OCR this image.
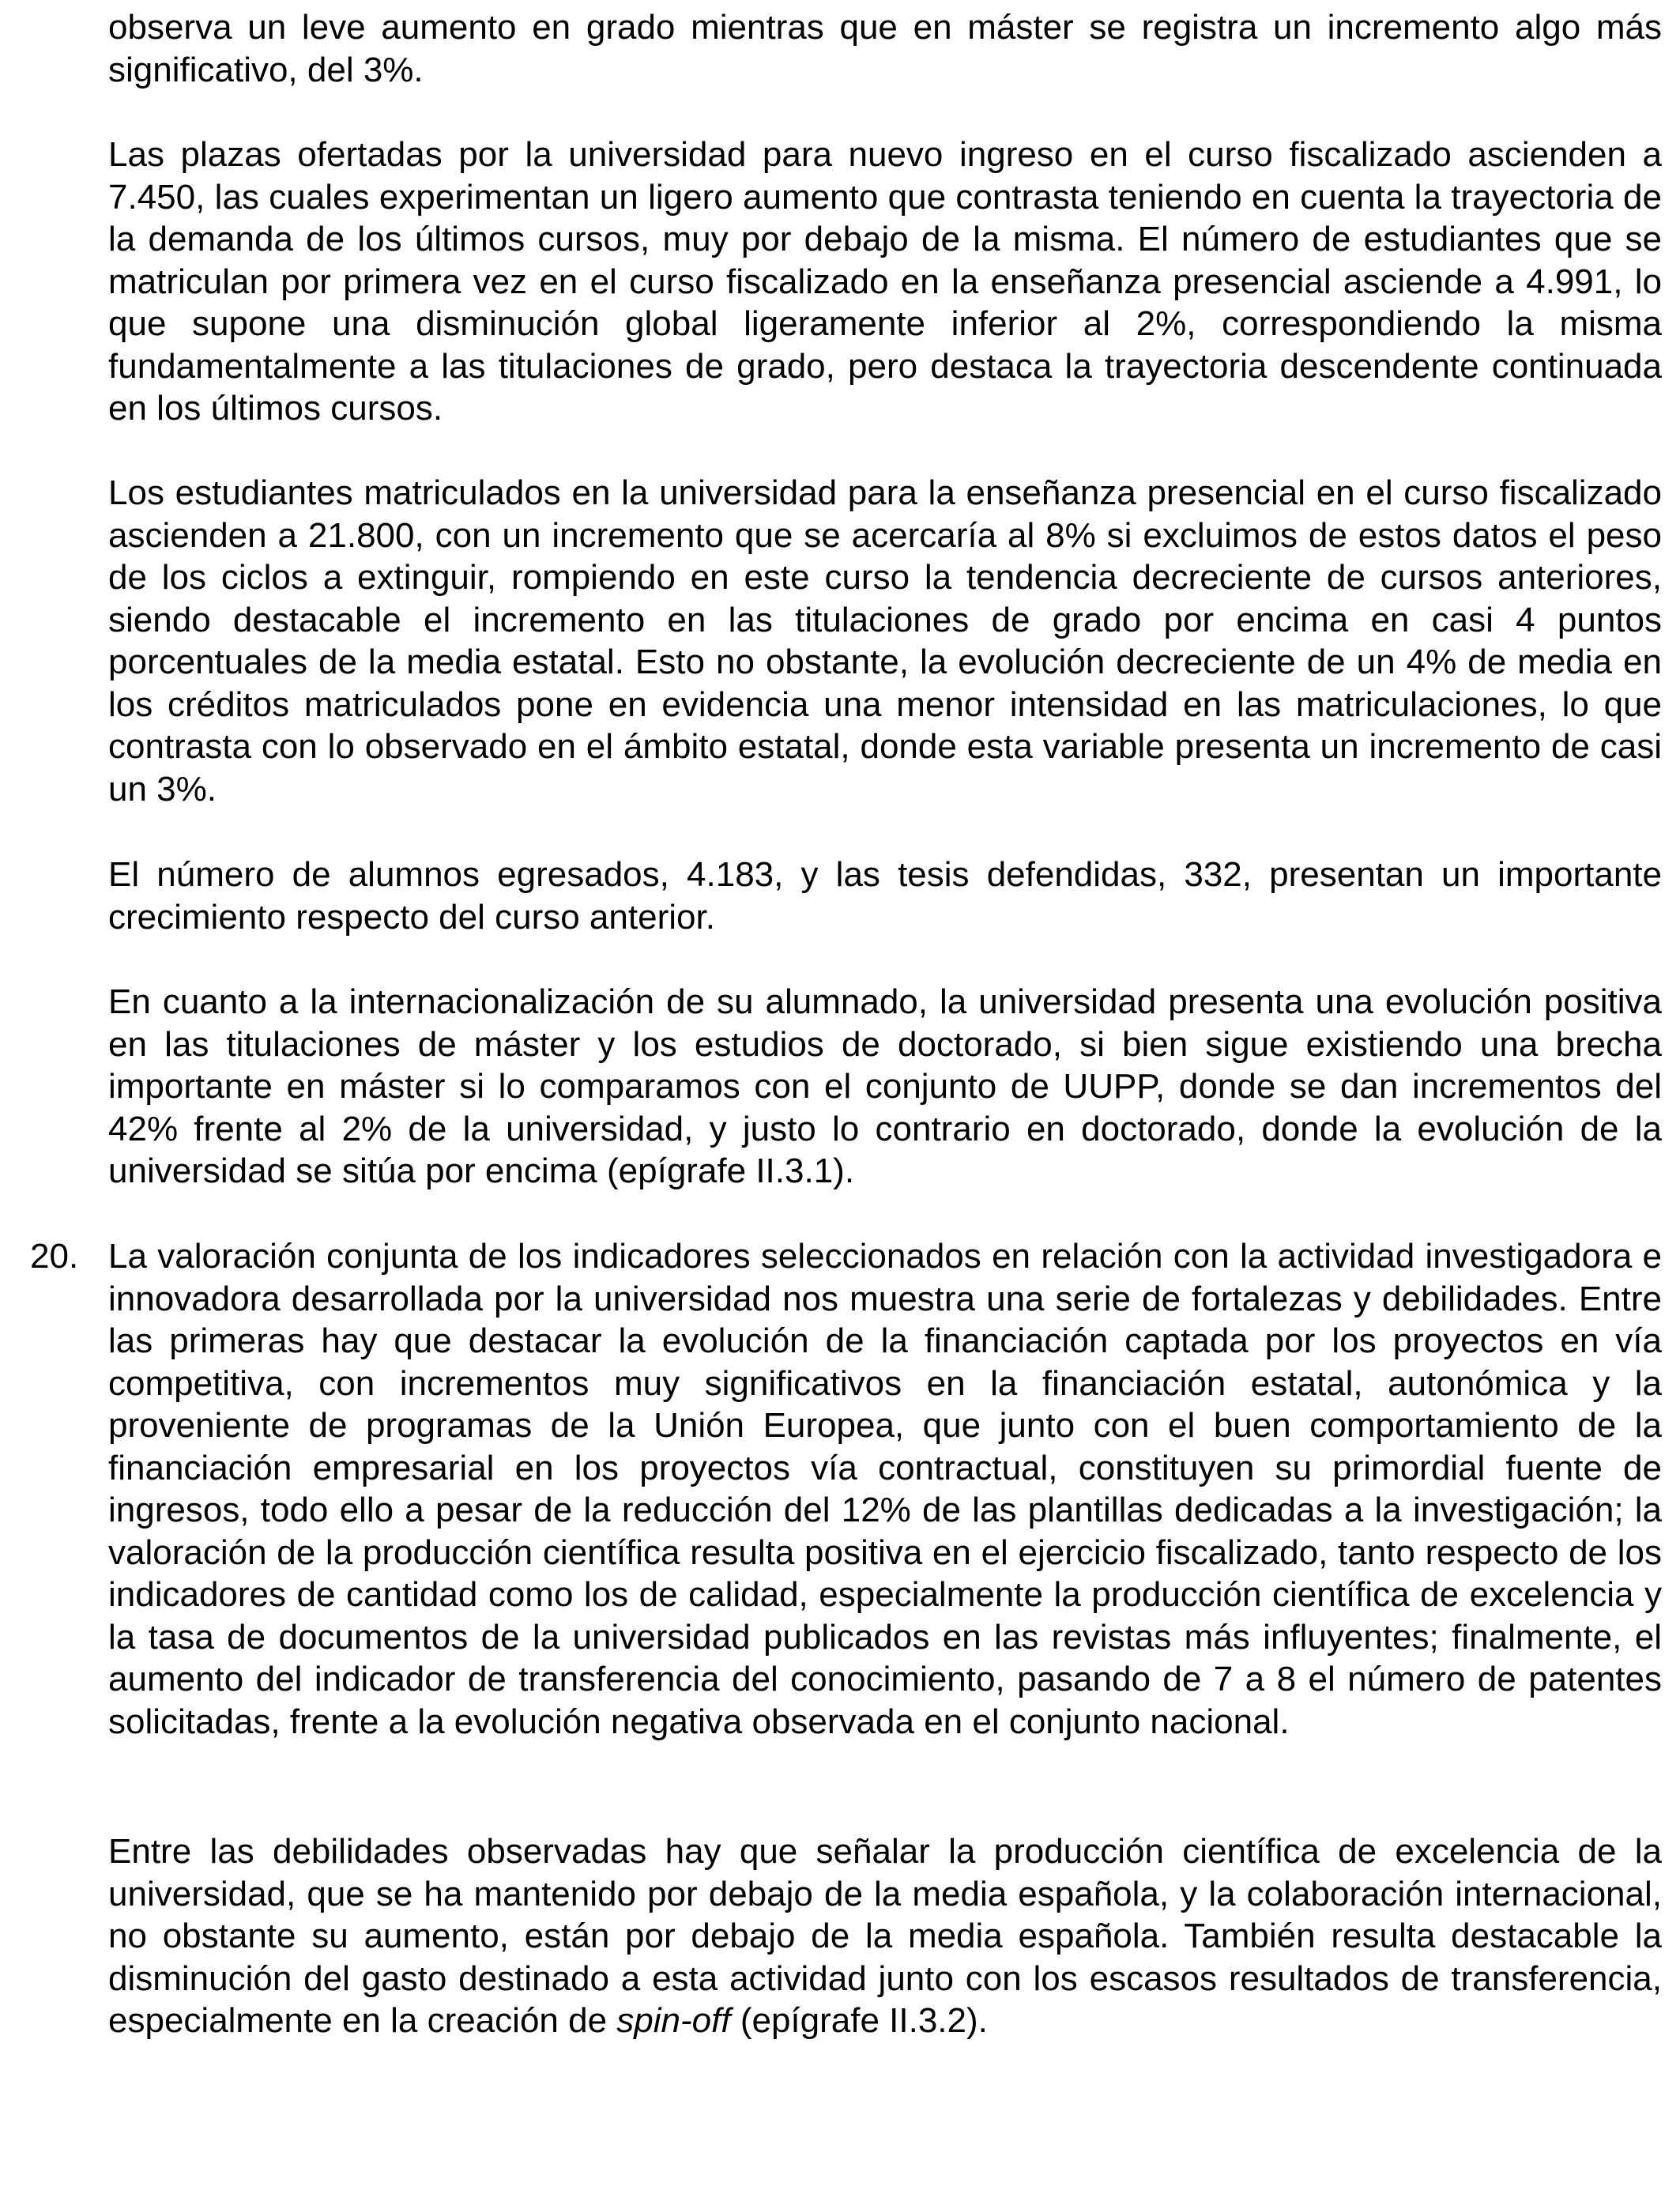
observa un leve aumento en grado mientras que en máster se registra un incremento algo más significativo, del 3%.

Las plazas ofertadas por la universidad para nuevo ingreso en el curso fiscalizado ascienden a 7.450, las cuales experimentan un ligero aumento que contrasta teniendo en cuenta la trayectoria de la demanda de los últimos cursos, muy por debajo de la misma. El número de estudiantes que se matriculan por primera vez en el curso fiscalizado en la enseñanza presencial asciende a 4.991, lo que supone una disminución global ligeramente inferior al 2%, correspondiendo la misma fundamentalmente a las titulaciones de grado, pero destaca la trayectoria descendente continuada en los últimos cursos.

Los estudiantes matriculados en la universidad para la enseñanza presencial en el curso fiscalizado ascienden a 21.800, con un incremento que se acercaría al 8% si excluimos de estos datos el peso de los ciclos a extinguir, rompiendo en este curso la tendencia decreciente de cursos anteriores, siendo destacable el incremento en las titulaciones de grado por encima en casi 4 puntos porcentuales de la media estatal. Esto no obstante, la evolución decreciente de un 4% de media en los créditos matriculados pone en evidencia una menor intensidad en las matriculaciones, lo que contrasta con lo observado en el ámbito estatal, donde esta variable presenta un incremento de casi un 3%.

El número de alumnos egresados, 4.183, y las tesis defendidas, 332, presentan un importante crecimiento respecto del curso anterior.

En cuanto a la internacionalización de su alumnado, la universidad presenta una evolución positiva en las titulaciones de máster y los estudios de doctorado, si bien sigue existiendo una brecha importante en máster si lo comparamos con el conjunto de UUPP, donde se dan incrementos del 42% frente al 2% de la universidad, y justo lo contrario en doctorado, donde la evolución de la universidad se sitúa por encima (epígrafe II.3.1).

20. La valoración conjunta de los indicadores seleccionados en relación con la actividad investigadora e innovadora desarrollada por la universidad nos muestra una serie de fortalezas y debilidades. Entre las primeras hay que destacar la evolución de la financiación captada por los proyectos en vía competitiva, con incrementos muy significativos en la financiación estatal, autonómica y la proveniente de programas de la Unión Europea, que junto con el buen comportamiento de la financiación empresarial en los proyectos vía contractual, constituyen su primordial fuente de ingresos, todo ello a pesar de la reducción del 12% de las plantillas dedicadas a la investigación; la valoración de la producción científica resulta positiva en el ejercicio fiscalizado, tanto respecto de los indicadores de cantidad como los de calidad, especialmente la producción científica de excelencia y la tasa de documentos de la universidad publicados en las revistas más influyentes; finalmente, el aumento del indicador de transferencia del conocimiento, pasando de 7 a 8 el número de patentes solicitadas, frente a la evolución negativa observada en el conjunto nacional.

Entre las debilidades observadas hay que señalar la producción científica de excelencia de la universidad, que se ha mantenido por debajo de la media española, y la colaboración internacional, no obstante su aumento, están por debajo de la media española. También resulta destacable la disminución del gasto destinado a esta actividad junto con los escasos resultados de transferencia, especialmente en la creación de spin-off (epígrafe II.3.2).
